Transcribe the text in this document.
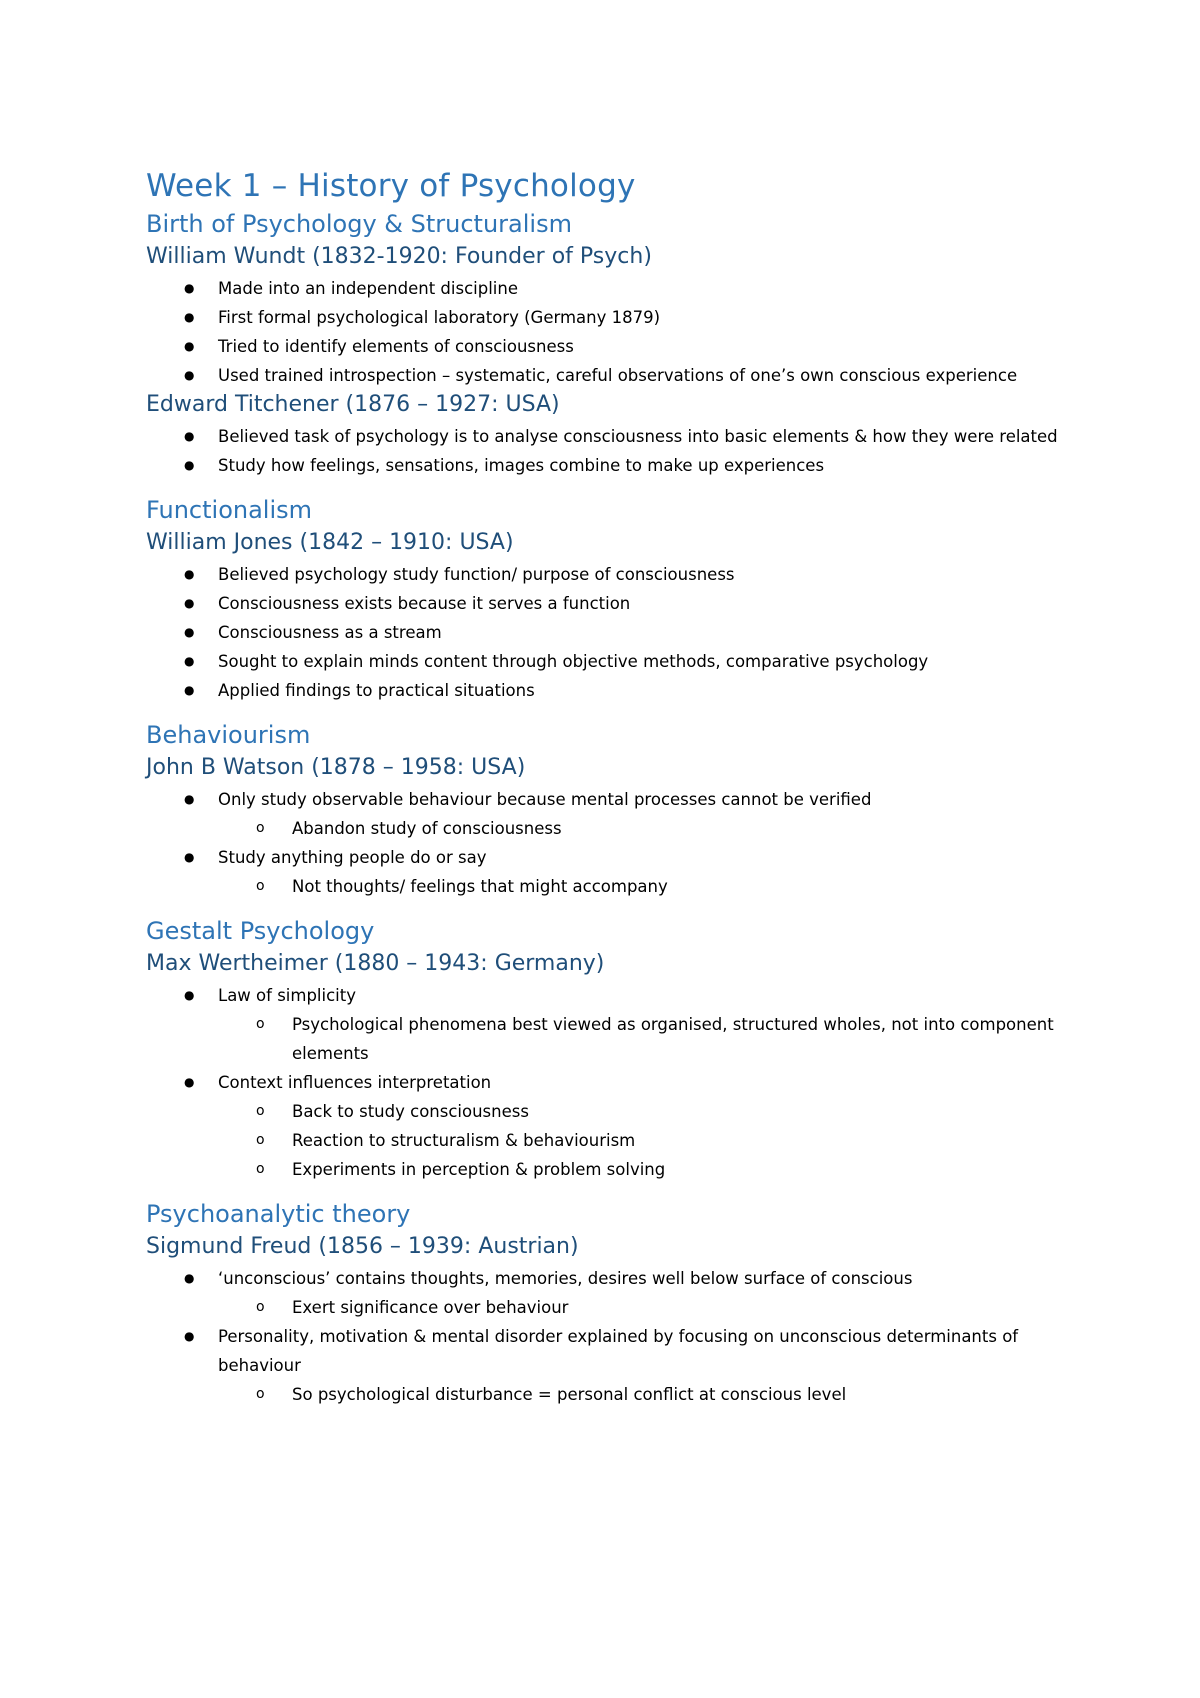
Week 1 – History of Psychology
Birth of Psychology & Structuralism
William Wundt (1832-1920: Founder of Psych)
● Made into an independent discipline
● First formal psychological laboratory (Germany 1879)
● Tried to identify elements of consciousness
● Used trained introspection – systematic, careful observations of one’s own conscious experience
Edward Titchener (1876 – 1927: USA)
● Believed task of psychology is to analyse consciousness into basic elements & how they were related
● Study how feelings, sensations, images combine to make up experiences
Functionalism
William Jones (1842 – 1910: USA)
● Believed psychology study function/ purpose of consciousness
● Consciousness exists because it serves a function
● Consciousness as a stream
● Sought to explain minds content through objective methods, comparative psychology
● Applied findings to practical situations
Behaviourism
John B Watson (1878 – 1958: USA)
● Only study observable behaviour because mental processes cannot be verified
o Abandon study of consciousness
● Study anything people do or say
o Not thoughts/ feelings that might accompany
Gestalt Psychology
Max Wertheimer (1880 – 1943: Germany)
● Law of simplicity
o Psychological phenomena best viewed as organised, structured wholes, not into component elements
● Context influences interpretation
o Back to study consciousness
o Reaction to structuralism & behaviourism
o Experiments in perception & problem solving
Psychoanalytic theory
Sigmund Freud (1856 – 1939: Austrian)
● ‘unconscious’ contains thoughts, memories, desires well below surface of conscious
o Exert significance over behaviour
● Personality, motivation & mental disorder explained by focusing on unconscious determinants of behaviour
o So psychological disturbance = personal conflict at conscious level
